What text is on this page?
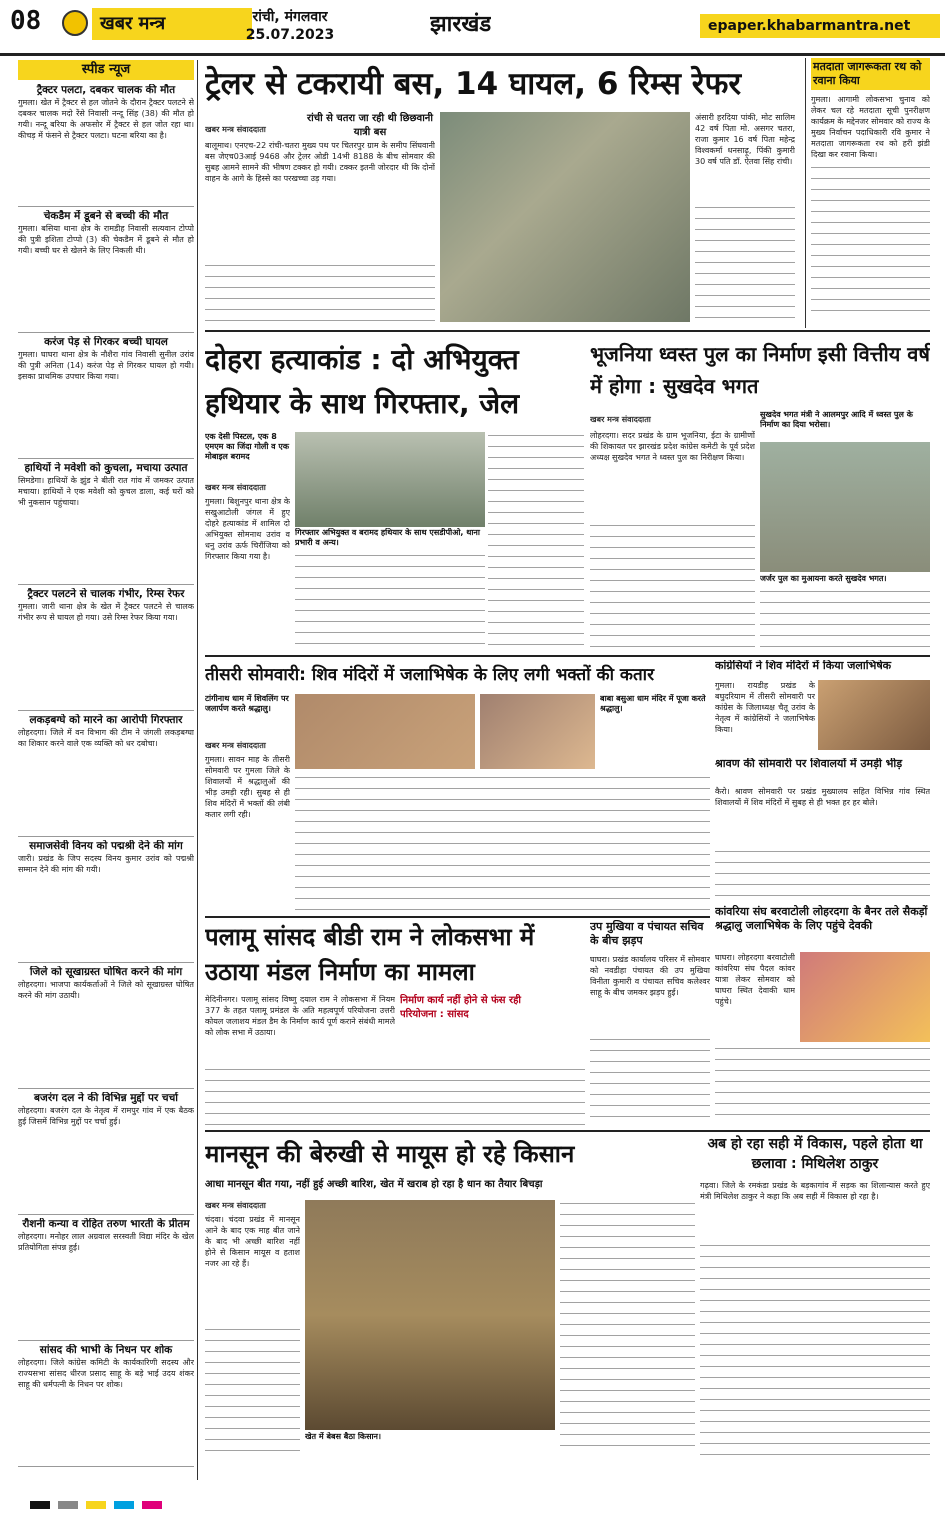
08	खबर मन्त्र	रांची, मंगलवार
25.07.2023	झारखंड	epaper.khabarmantra.net
स्पीड न्यूज
ट्रैक्टर पलटा, दबकर चालक की मौत
गुमला। खेत में ट्रैक्टर से हल जोतने के दौरान ट्रैक्टर पलटने से दबकर चालक मदो रेंसे निवासी नन्दू सिंह (38) की मौत हो गयी। नन्दू बरिया के अफसोर में ट्रैक्टर से हल जोत रहा था। कीचड़ में फंसने से ट्रैक्टर पलटा। घटना बरिया का है।
चेकडैम में डूबने से बच्ची की मौत
गुमला। बसिया थाना क्षेत्र के रामडीह निवासी सत्यवान टोप्पो की पुत्री इशिता टोप्पो (3) की चेकडैम में डूबने से मौत हो गयी। बच्ची घर से खेलने के लिए निकली थी।
करंज पेड़ से गिरकर बच्ची घायल
गुमला। घाघरा थाना क्षेत्र के नौशैरा गांव निवासी सुनील उरांव की पुत्री अनिता (14) करंज पेड़ से गिरकर घायल हो गयी। इसका प्राथमिक उपचार किया गया।
हाथियों ने मवेशी को कुचला, मचाया उत्पात
सिमडेगा। हाथियों के झुंड ने बीती रात गांव में जमकर उत्पात मचाया। हाथियों ने एक मवेशी को कुचल डाला, कई घरों को भी नुकसान पहुंचाया।
ट्रैक्टर पलटने से चालक गंभीर, रिम्स रेफर
गुमला। जारी थाना क्षेत्र के खेत में ट्रैक्टर पलटने से चालक गंभीर रूप से घायल हो गया। उसे रिम्स रेफर किया गया।
लकड़बग्घे को मारने का आरोपी गिरफ्तार
लोहरदगा। जिले में वन विभाग की टीम ने जंगली लकड़बग्घा का शिकार करने वाले एक व्यक्ति को धर दबोचा।
समाजसेवी विनय को पद्मश्री देने की मांग
जारी। प्रखंड के जिप सदस्य विनय कुमार उरांव को पद्मश्री सम्मान देने की मांग की गयी।
जिले को सूखाग्रस्त घोषित करने की मांग
लोहरदगा। भाजपा कार्यकर्ताओं ने जिले को सूखाग्रस्त घोषित करने की मांग उठायी।
बजरंग दल ने की विभिन्न मुद्दों पर चर्चा
लोहरदगा। बजरंग दल के नेतृत्व में रामपुर गांव में एक बैठक हुई जिसमें विभिन्न मुद्दों पर चर्चा हुई।
रौशनी कन्या व रोहित तरुण भारती के प्रीतम
लोहरदगा। मनोहर लाल अग्रवाल सरस्वती विद्या मंदिर के खेल प्रतियोगिता संपन्न हुई।
सांसद की भाभी के निधन पर शोक
लोहरदगा। जिले कांग्रेस कमिटी के कार्यकारिणी सदस्य और राज्यसभा सांसद धीरज प्रसाद साहू के बड़े भाई उदय शंकर साहू की धर्मपत्नी के निधन पर शोक।
ट्रेलर से टकरायी बस, 14 घायल, 6 रिम्स रेफर
रांची से चतरा जा रही थी छिछवानी यात्री बस
खबर मन्त्र संवाददाता
बालूमाथ। एनएच-22 रांची-चतरा मुख्य पथ पर चितरपुर ग्राम के समीप सिंघवानी बस जेएच03आई 9468 और ट्रेलर ओडी 14भी 8188 के बीच सोमवार की सुबह आमने सामने की भीषण टक्कर हो गयी। टक्कर इतनी जोरदार थी कि दोनों वाहन के आगे के हिस्से का परखच्चा उड़ गया।
अंसारी हरदिया पांकी, मोट सालिम 42 वर्ष पिता मो. असगर चतरा, राजा कुमार 16 वर्ष पिता महेन्द्र विश्वकर्मा धनसाढ़ू, पिंकी कुमारी 30 वर्ष पति डॉ. ऐतवा सिंह रांची।
मतदाता जागरूकता रथ को रवाना किया
गुमला। आगामी लोकसभा चुनाव को लेकर चल रहे मतदाता सूची पुनरीक्षण कार्यक्रम के मद्देनजर सोमवार को राज्य के मुख्य निर्वाचन पदाधिकारी रवि कुमार ने मतदाता जागरूकता रथ को हरी झंडी दिखा कर रवाना किया।
दोहरा हत्याकांड : दो अभियुक्त हथियार के साथ गिरफ्तार, जेल
एक देसी पिस्टल, एक 8 एमएम का जिंदा गोली व एक मोबाइल बरामद
खबर मन्त्र संवाददाता
गुमला। बिशुनपुर थाना क्षेत्र के सखुआटोली जंगल में हुए दोहरे हत्याकांड में शामिल दो अभियुक्त सोमनाथ उरांव व धनु उरांव ऊर्फ चिरौंजिया को गिरफ्तार किया गया है।
गिरफ्तार अभियुक्त व बरामद हथियार के साथ एसडीपीओ, थाना प्रभारी व अन्य।
भूजनिया ध्वस्त पुल का निर्माण इसी वित्तीय वर्ष में होगा : सुखदेव भगत
सुखदेव भगत मंत्री ने आलमपुर आदि में ध्वस्त पुल के निर्माण का दिया भरोसा।
खबर मन्त्र संवाददाता
लोहरदगा। सदर प्रखंड के ग्राम भूजनिया, ईटा के ग्रामीणों की शिकायत पर झारखंड प्रदेश कांग्रेस कमेटी के पूर्व प्रदेश अध्यक्ष सुखदेव भगत ने ध्वस्त पुल का निरीक्षण किया।
जर्जर पुल का मुआयना करते सुखदेव भगत।
तीसरी सोमवारी: शिव मंदिरों में जलाभिषेक के लिए लगी भक्तों की कतार
टांगीनाथ धाम में शिवलिंग पर जलार्पण करते श्रद्धालु।
बाबा बसुआ धाम मंदिर में पूजा करते श्रद्धालु।
खबर मन्त्र संवाददाता
गुमला। सावन माह के तीसरी सोमवारी पर गुमला जिले के शिवालयों में श्रद्धालुओं की भीड़ उमड़ी रही। सुबह से ही शिव मंदिरों में भक्तों की लंबी कतार लगी रही।
कांग्रेसियों ने शिव मंदिरों में किया जलाभिषेक
गुमला। रायडीह प्रखंड के बघुदरियाम में तीसरी सोमवारी पर कांग्रेस के जिलाध्यक्ष चैतू उरांव के नेतृत्व में कांग्रेसियों ने जलाभिषेक किया।
श्रावण की सोमवारी पर शिवालयों में उमड़ी भीड़
कैरो। श्रावण सोमवारी पर प्रखंड मुख्यालय सहित विभिन्न गांव स्थित शिवालयों में शिव मंदिरों में सुबह से ही भक्त हर हर बोले।
कांवरिया संघ बरवाटोली लोहरदगा के बैनर तले सैकड़ों श्रद्धालु जलाभिषेक के लिए पहुंचे देवकी
घाघरा। लोहरदगा बरवाटोली कांवरिया संघ पैदल कांवर यात्रा लेकर सोमवार को घाघरा स्थित देवाकी धाम पहुंचे।
पलामू सांसद बीडी राम ने लोकसभा में उठाया मंडल निर्माण का मामला
निर्माण कार्य नहीं होने से फंस रही परियोजना : सांसद
मेदिनीनगर। पलामू सांसद विष्णु दयाल राम ने लोकसभा में नियम 377 के तहत पलामू प्रमंडल के अति महत्वपूर्ण परियोजना उत्तरी कोयल जलाशय मंडल डैम के निर्माण कार्य पूर्ण कराने संबंधी मामले को लोक सभा में उठाया।
उप मुखिया व पंचायत सचिव के बीच झड़प
घाघरा। प्रखंड कार्यालय परिसर में सोमवार को नवडीहा पंचायत की उप मुखिया विनीता कुमारी व पंचायत सचिव कलेश्वर साहू के बीच जमकर झड़प हुई।
अब हो रहा सही में विकास, पहले होता था छलावा : मिथिलेश ठाकुर
गढ़वा। जिले के रमकंडा प्रखंड के बड़कागांव में सड़क का शिलान्यास करते हुए मंत्री मिथिलेश ठाकुर ने कहा कि अब सही में विकास हो रहा है।
मानसून की बेरुखी से मायूस हो रहे किसान
आधा मानसून बीत गया, नहीं हुई अच्छी बारिश, खेत में खराब हो रहा है धान का तैयार बिचड़ा
खबर मन्त्र संवाददाता
चंदवा। चंदवा प्रखंड में मानसून आने के बाद एक माह बीत जाने के बाद भी अच्छी बारिश नहीं होने से किसान मायूस व हताश नजर आ रहे हैं।
खेत में बेबस बैठा किसान।
